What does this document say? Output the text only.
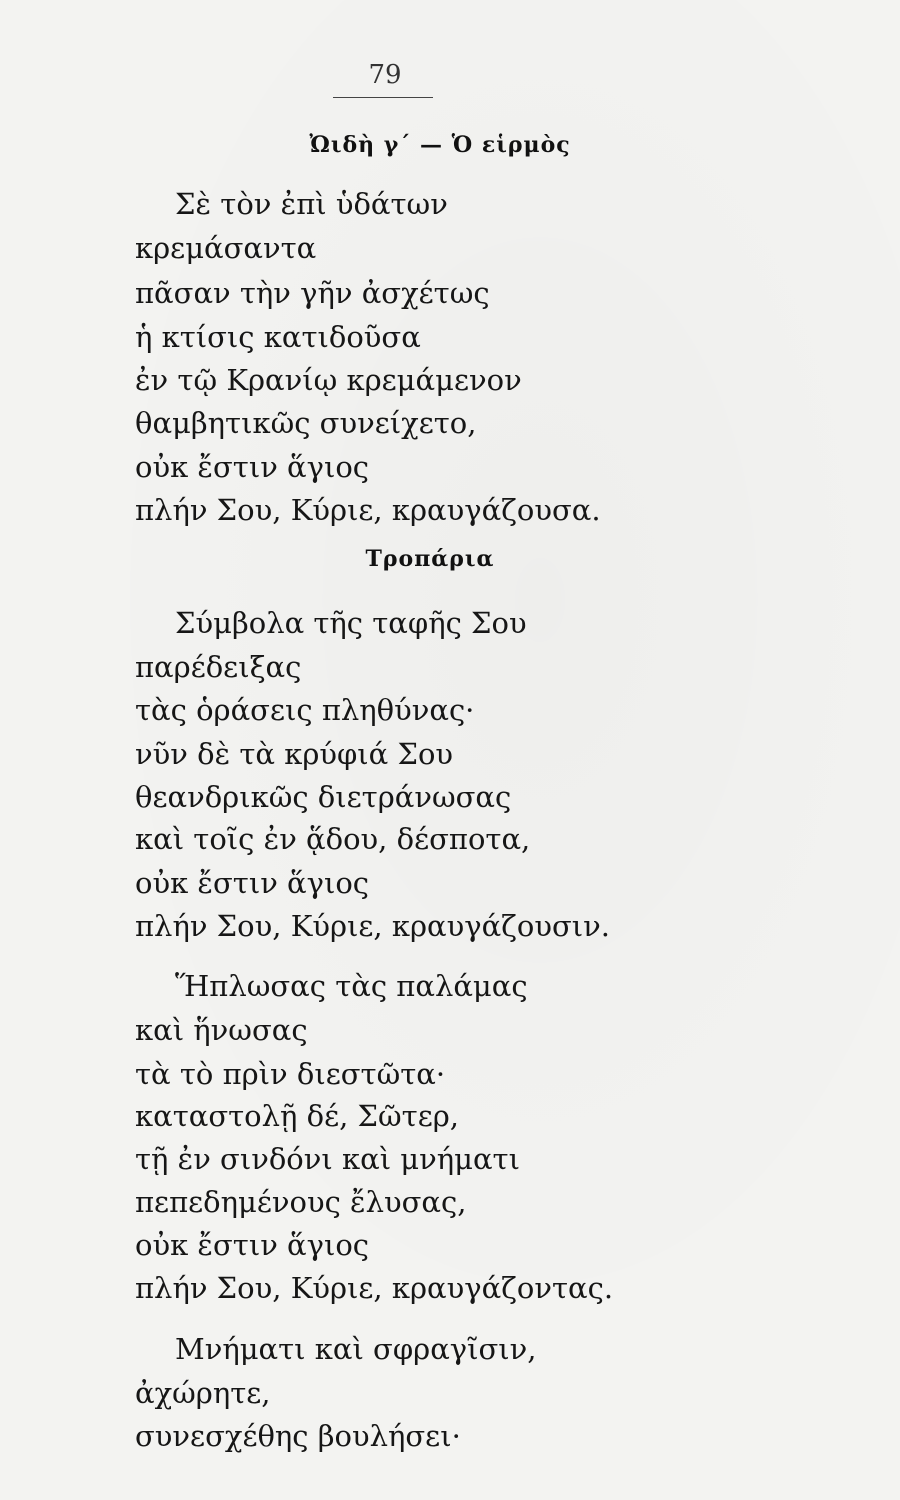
79
Ὠιδὴ γ΄ — Ὁ εἱρμὸς
Σὲ τὸν ἐπὶ ὑδάτων
κρεμάσαντα
πᾶσαν τὴν γῆν ἀσχέτως
ἡ κτίσις κατιδοῦσα
ἐν τῷ Κρανίῳ κρεμάμενον
θαμβητικῶς συνείχετο,
οὐκ ἔστιν ἅγιος
πλήν Σου, Κύριε, κραυγάζουσα.
Τροπάρια
Σύμβολα τῆς ταφῆς Σου
παρέδειξας
τὰς ὁράσεις πληθύνας·
νῦν δὲ τὰ κρύφιά Σου
θεανδρικῶς διετράνωσας
καὶ τοῖς ἐν ᾅδου, δέσποτα,
οὐκ ἔστιν ἅγιος
πλήν Σου, Κύριε, κραυγάζουσιν.
Ἥπλωσας τὰς παλάμας
καὶ ἥνωσας
τὰ τὸ πρὶν διεστῶτα·
καταστολῇ δέ, Σῶτερ,
τῇ ἐν σινδόνι καὶ μνήματι
πεπεδημένους ἔλυσας,
οὐκ ἔστιν ἅγιος
πλήν Σου, Κύριε, κραυγάζοντας.
Μνήματι καὶ σφραγῖσιν,
ἀχώρητε,
συνεσχέθης βουλήσει·
